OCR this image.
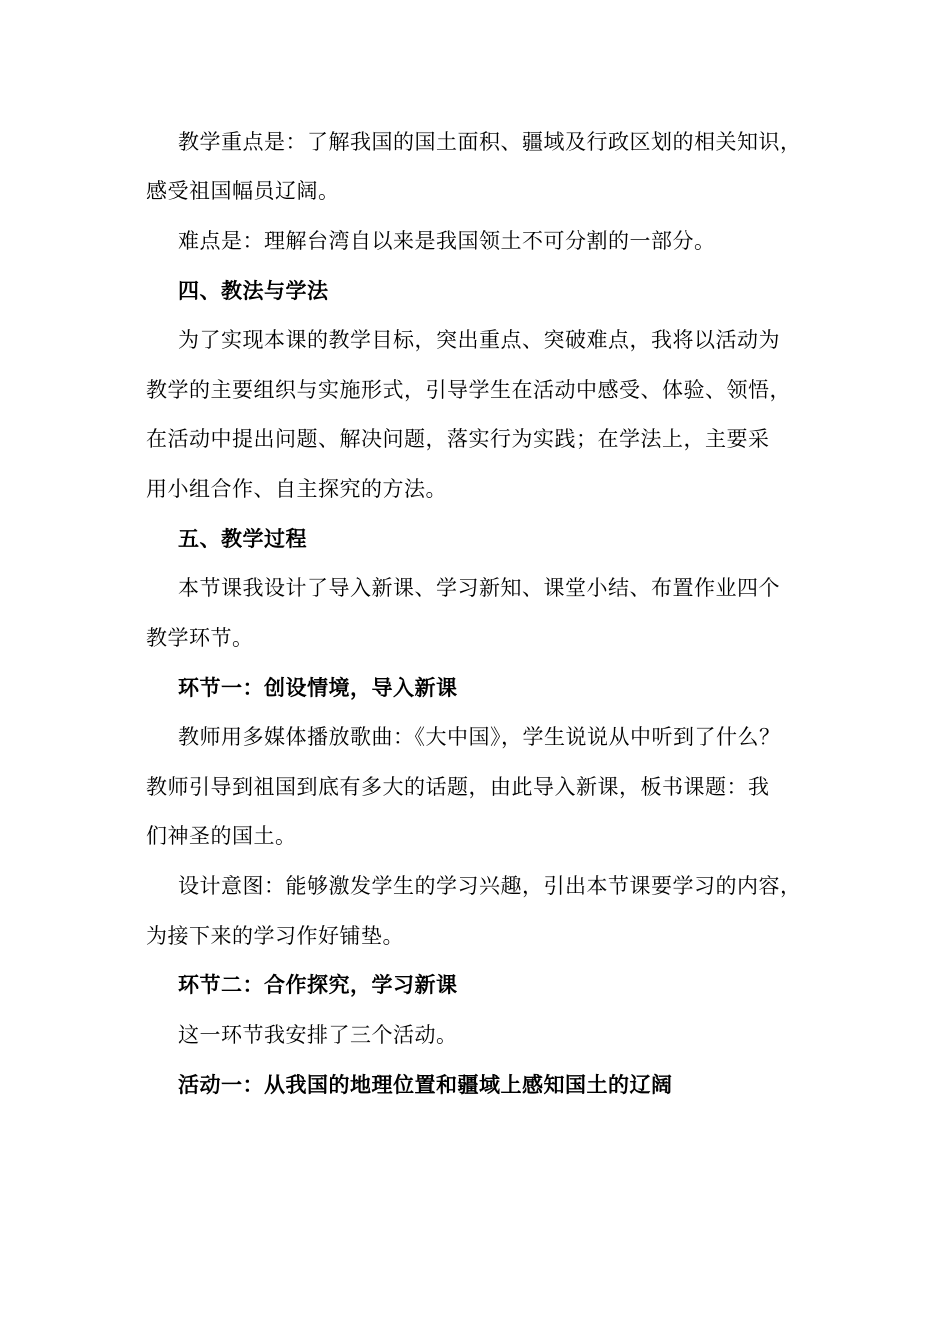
教学重点是：了解我国的国土面积、疆域及行政区划的相关知识，
感受祖国幅员辽阔。
难点是：理解台湾自以来是我国领土不可分割的一部分。
四、教法与学法
为了实现本课的教学目标，突出重点、突破难点，我将以活动为
教学的主要组织与实施形式，引导学生在活动中感受、体验、领悟，
在活动中提出问题、解决问题，落实行为实践；在学法上，主要采
用小组合作、自主探究的方法。
五、教学过程
本节课我设计了导入新课、学习新知、课堂小结、布置作业四个
教学环节。
环节一：创设情境，导入新课
教师用多媒体播放歌曲：《大中国》，学生说说从中听到了什么？
教师引导到祖国到底有多大的话题，由此导入新课，板书课题：我
们神圣的国土。
设计意图：能够激发学生的学习兴趣，引出本节课要学习的内容，
为接下来的学习作好铺垫。
环节二：合作探究，学习新课
这一环节我安排了三个活动。
活动一：从我国的地理位置和疆域上感知国土的辽阔
